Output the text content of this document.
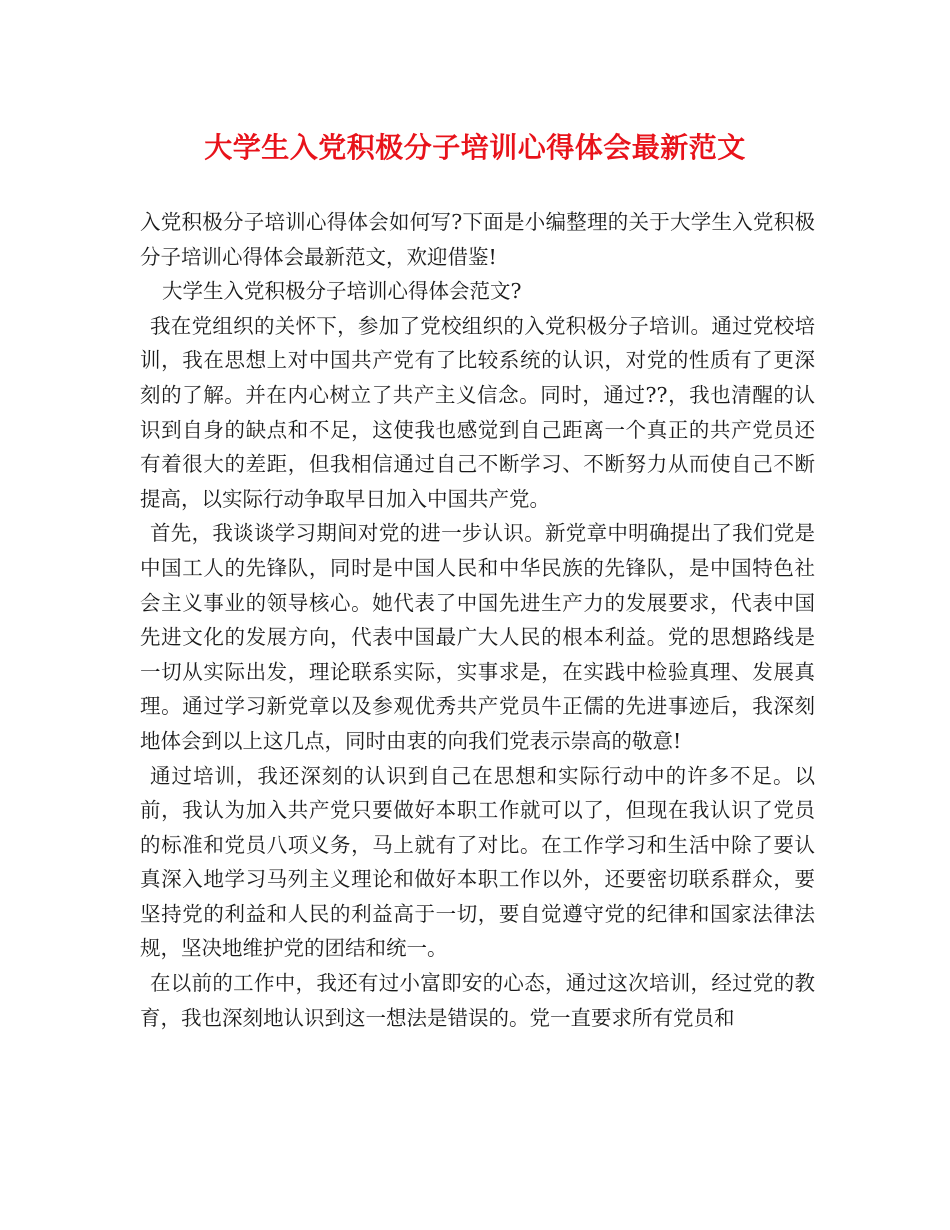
大学生入党积极分子培训心得体会最新范文

入党积极分子培训心得体会如何写?下面是小编整理的关于大学生入党积极分子培训心得体会最新范文，欢迎借鉴!

大学生入党积极分子培训心得体会范文?

我在党组织的关怀下，参加了党校组织的入党积极分子培训。通过党校培训，我在思想上对中国共产党有了比较系统的认识，对党的性质有了更深刻的了解。并在内心树立了共产主义信念。同时，通过??，我也清醒的认识到自身的缺点和不足，这使我也感觉到自己距离一个真正的共产党员还有着很大的差距，但我相信通过自己不断学习、不断努力从而使自己不断提高，以实际行动争取早日加入中国共产党。

首先，我谈谈学习期间对党的进一步认识。新党章中明确提出了我们党是中国工人的先锋队，同时是中国人民和中华民族的先锋队，是中国特色社会主义事业的领导核心。她代表了中国先进生产力的发展要求，代表中国先进文化的发展方向，代表中国最广大人民的根本利益。党的思想路线是一切从实际出发，理论联系实际，实事求是，在实践中检验真理、发展真理。通过学习新党章以及参观优秀共产党员牛正儒的先进事迹后，我深刻地体会到以上这几点，同时由衷的向我们党表示崇高的敬意!

通过培训，我还深刻的认识到自己在思想和实际行动中的许多不足。以前，我认为加入共产党只要做好本职工作就可以了，但现在我认识了党员的标准和党员八项义务，马上就有了对比。在工作学习和生活中除了要认真深入地学习马列主义理论和做好本职工作以外，还要密切联系群众，要坚持党的利益和人民的利益高于一切，要自觉遵守党的纪律和国家法律法规，坚决地维护党的团结和统一。

在以前的工作中，我还有过小富即安的心态，通过这次培训，经过党的教育，我也深刻地认识到这一想法是错误的。党一直要求所有党员和
